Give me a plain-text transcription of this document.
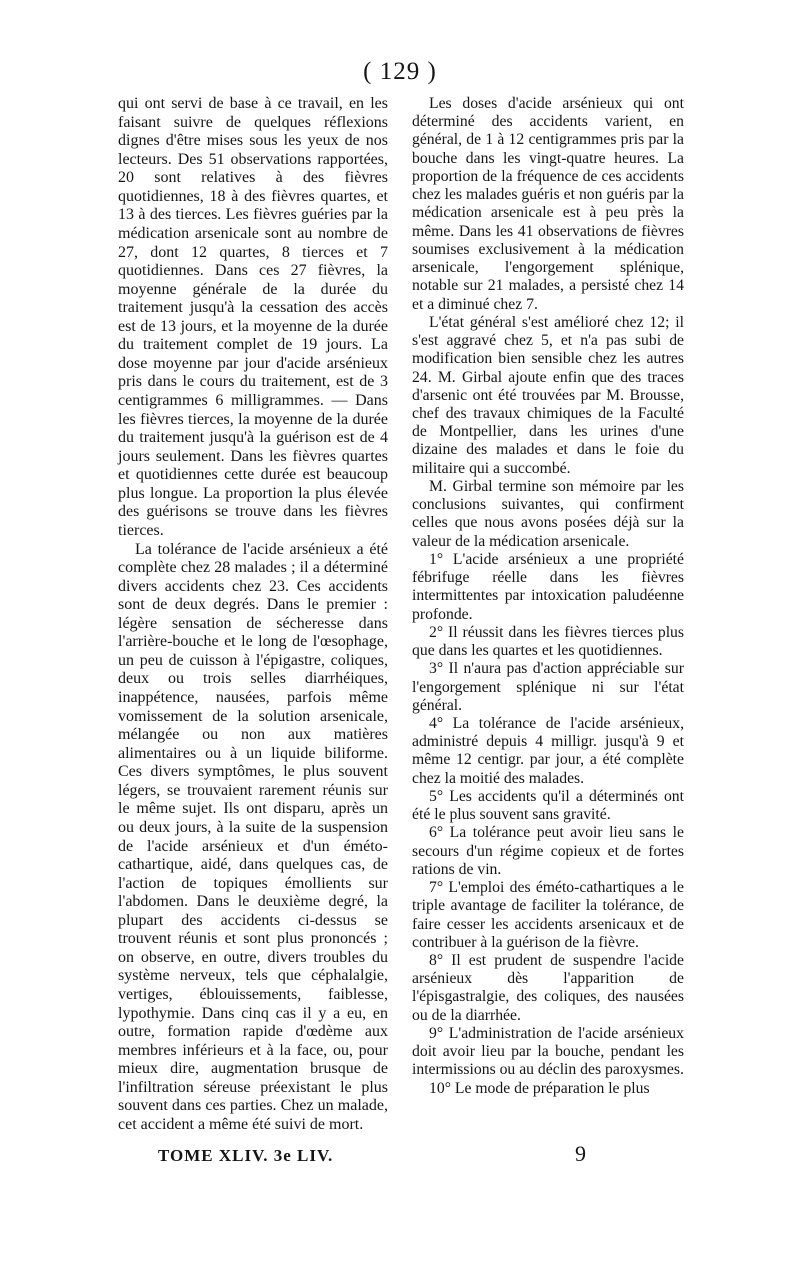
( 129 )

qui ont servi de base à ce travail, en les faisant suivre de quelques réflexions dignes d'être mises sous les yeux de nos lecteurs. Des 51 observations rapportées, 20 sont relatives à des fièvres quotidiennes, 18 à des fièvres quartes, et 13 à des tierces. Les fièvres guéries par la médication arsenicale sont au nombre de 27, dont 12 quartes, 8 tierces et 7 quotidiennes. Dans ces 27 fièvres, la moyenne générale de la durée du traitement jusqu'à la cessation des accès est de 13 jours, et la moyenne de la durée du traitement complet de 19 jours. La dose moyenne par jour d'acide arsénieux pris dans le cours du traitement, est de 3 centigrammes 6 milligrammes. — Dans les fièvres tierces, la moyenne de la durée du traitement jusqu'à la guérison est de 4 jours seulement. Dans les fièvres quartes et quotidiennes cette durée est beaucoup plus longue. La proportion la plus élevée des guérisons se trouve dans les fièvres tierces.

La tolérance de l'acide arsénieux a été complète chez 28 malades ; il a déterminé divers accidents chez 23. Ces accidents sont de deux degrés. Dans le premier : légère sensation de sécheresse dans l'arrière-bouche et le long de l'œsophage, un peu de cuisson à l'épigastre, coliques, deux ou trois selles diarrhéiques, inappétence, nausées, parfois même vomissement de la solution arsenicale, mélangée ou non aux matières alimentaires ou à un liquide biliforme. Ces divers symptômes, le plus souvent légers, se trouvaient rarement réunis sur le même sujet. Ils ont disparu, après un ou deux jours, à la suite de la suspension de l'acide arsénieux et d'un éméto-cathartique, aidé, dans quelques cas, de l'action de topiques émollients sur l'abdomen. Dans le deuxième degré, la plupart des accidents ci-dessus se trouvent réunis et sont plus prononcés ; on observe, en outre, divers troubles du système nerveux, tels que céphalalgie, vertiges, éblouissements, faiblesse, lypothymie. Dans cinq cas il y a eu, en outre, formation rapide d'œdème aux membres inférieurs et à la face, ou, pour mieux dire, augmentation brusque de l'infiltration séreuse préexistant le plus souvent dans ces parties. Chez un malade, cet accident a même été suivi de mort.

Les doses d'acide arsénieux qui ont déterminé des accidents varient, en général, de 1 à 12 centigrammes pris par la bouche dans les vingt-quatre heures. La proportion de la fréquence de ces accidents chez les malades guéris et non guéris par la médication arsenicale est à peu près la même. Dans les 41 observations de fièvres soumises exclusivement à la médication arsenicale, l'engorgement splénique, notable sur 21 malades, a persisté chez 14 et a diminué chez 7.

L'état général s'est amélioré chez 12; il s'est aggravé chez 5, et n'a pas subi de modification bien sensible chez les autres 24. M. Girbal ajoute enfin que des traces d'arsenic ont été trouvées par M. Brousse, chef des travaux chimiques de la Faculté de Montpellier, dans les urines d'une dizaine des malades et dans le foie du militaire qui a succombé.

M. Girbal termine son mémoire par les conclusions suivantes, qui confirment celles que nous avons posées déjà sur la valeur de la médication arsenicale.

1° L'acide arsénieux a une propriété fébrifuge réelle dans les fièvres intermittentes par intoxication paludéenne profonde.

2° Il réussit dans les fièvres tierces plus que dans les quartes et les quotidiennes.

3° Il n'aura pas d'action appréciable sur l'engorgement splénique ni sur l'état général.

4° La tolérance de l'acide arsénieux, administré depuis 4 milligr. jusqu'à 9 et même 12 centigr. par jour, a été complète chez la moitié des malades.

5° Les accidents qu'il a déterminés ont été le plus souvent sans gravité.

6° La tolérance peut avoir lieu sans le secours d'un régime copieux et de fortes rations de vin.

7° L'emploi des éméto-cathartiques a le triple avantage de faciliter la tolérance, de faire cesser les accidents arsenicaux et de contribuer à la guérison de la fièvre.

8° Il est prudent de suspendre l'acide arsénieux dès l'apparition de l'épisgastralgie, des coliques, des nausées ou de la diarrhée.

9° L'administration de l'acide arsénieux doit avoir lieu par la bouche, pendant les intermissions ou au déclin des paroxysmes.

10° Le mode de préparation le plus

TOME XLIV. 3e LIV.	9
